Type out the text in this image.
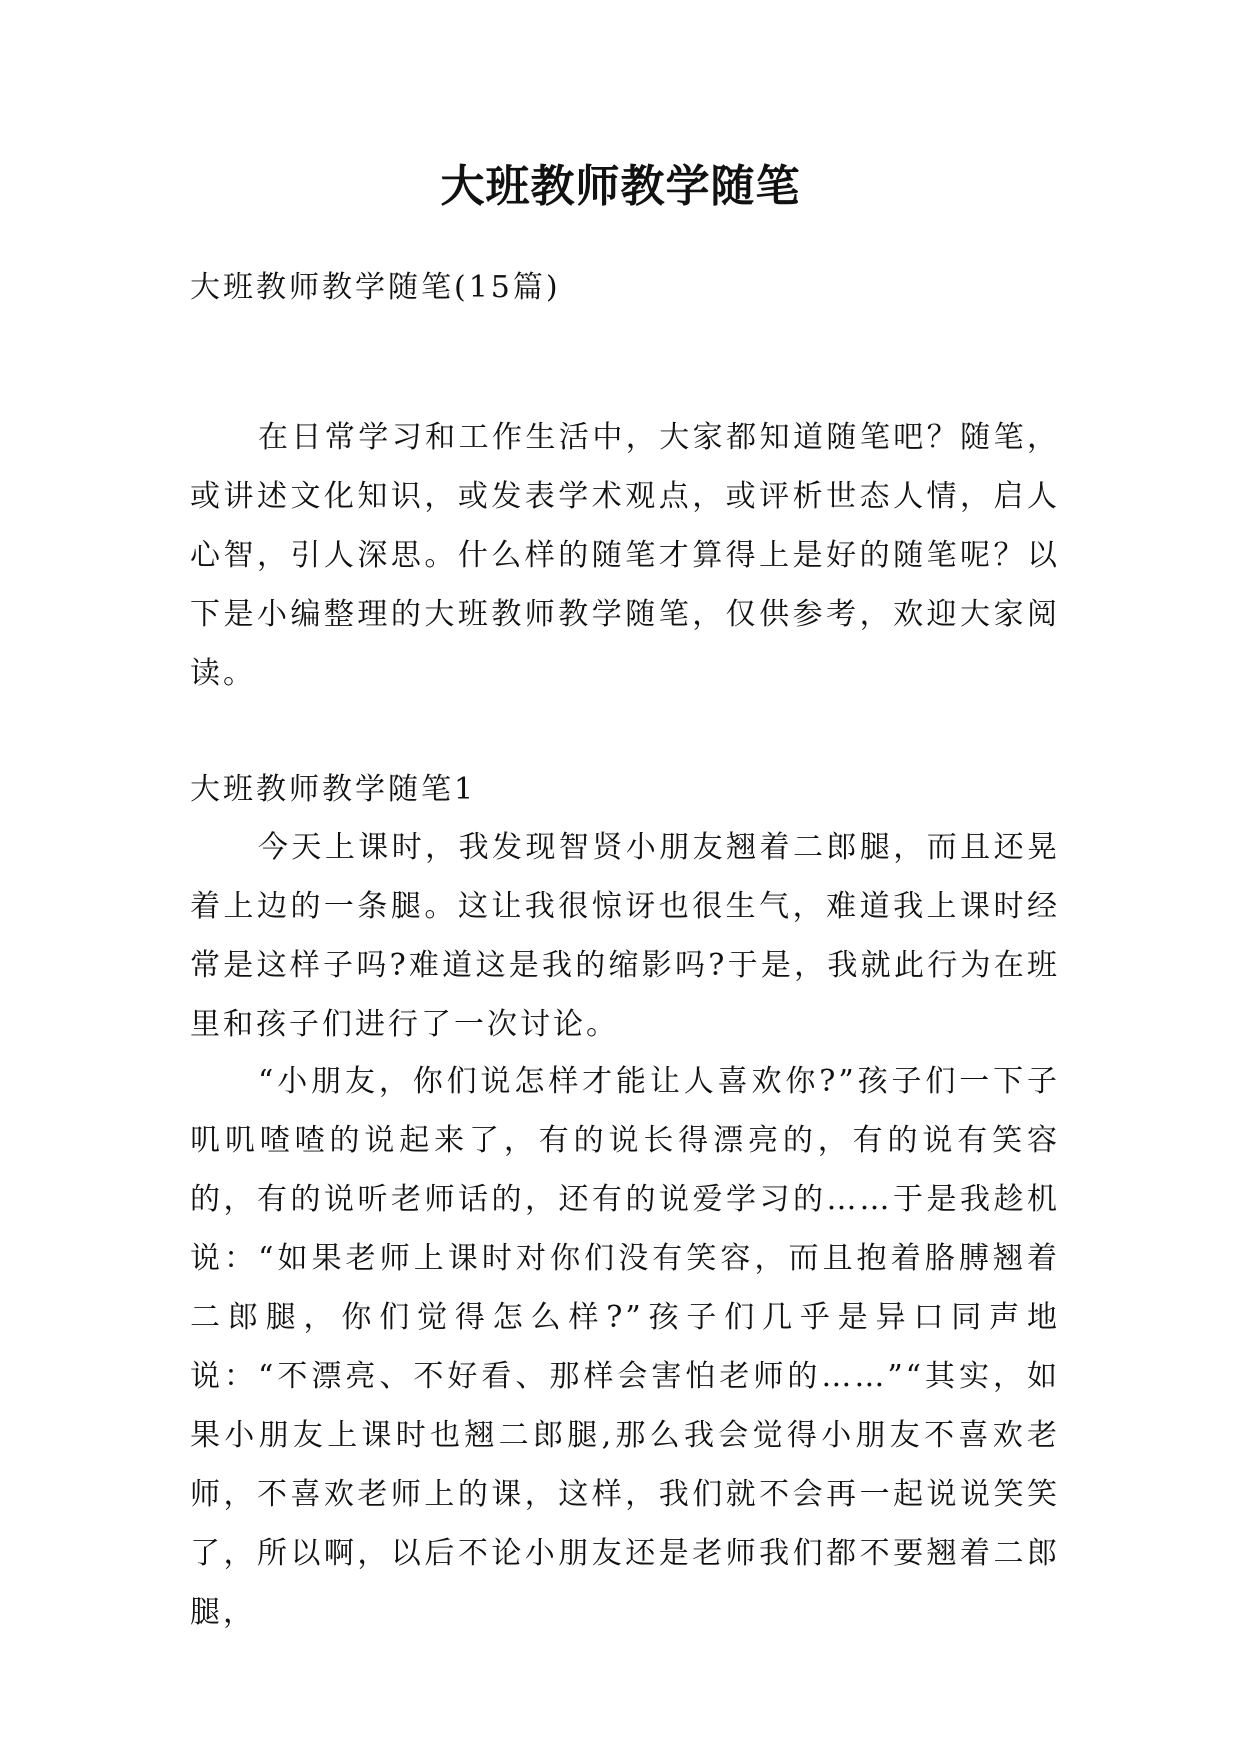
大班教师教学随笔
大班教师教学随笔(15篇)
在日常学习和工作生活中，大家都知道随笔吧？随笔，或讲述文化知识，或发表学术观点，或评析世态人情，启人心智，引人深思。什么样的随笔才算得上是好的随笔呢？以下是小编整理的大班教师教学随笔，仅供参考，欢迎大家阅读。
大班教师教学随笔1
今天上课时，我发现智贤小朋友翘着二郎腿，而且还晃着上边的一条腿。这让我很惊讶也很生气，难道我上课时经常是这样子吗?难道这是我的缩影吗?于是，我就此行为在班里和孩子们进行了一次讨论。
“小朋友，你们说怎样才能让人喜欢你?”孩子们一下子叽叽喳喳的说起来了，有的说长得漂亮的，有的说有笑容的，有的说听老师话的，还有的说爱学习的……于是我趁机说：“如果老师上课时对你们没有笑容，而且抱着胳膊翘着二郎腿，你们觉得怎么样?”孩子们几乎是异口同声地说：“不漂亮、不好看、那样会害怕老师的……”“其实，如果小朋友上课时也翘二郎腿,那么我会觉得小朋友不喜欢老师，不喜欢老师上的课，这样，我们就不会再一起说说笑笑了，所以啊，以后不论小朋友还是老师我们都不要翘着二郎腿，
